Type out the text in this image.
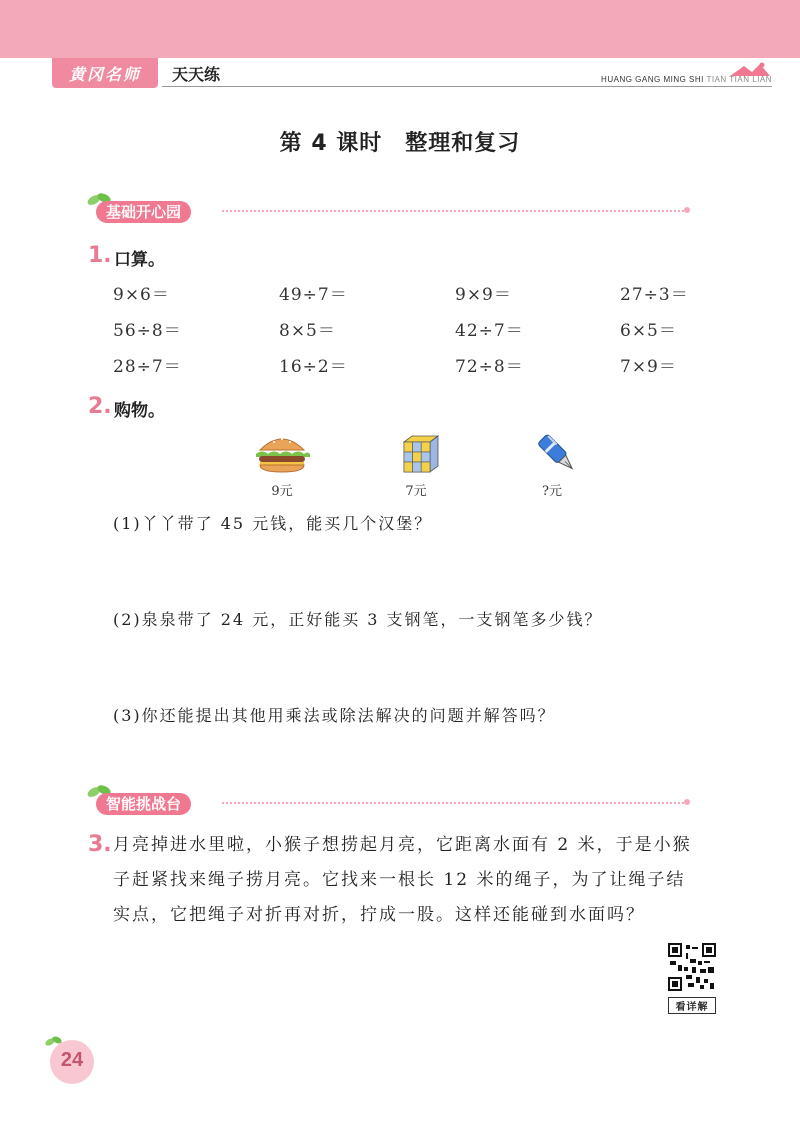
黄冈名师 天天练	HUANG GANG MING SHI TIAN TIAN LIAN
第 4 课时　整理和复习
基础开心园
1. 口算。
9×6＝	49÷7＝	9×9＝	27÷3＝
56÷8＝	8×5＝	42÷7＝	6×5＝
28÷7＝	16÷2＝	72÷8＝	7×9＝
2. 购物。
9元	7元	?元
(1)丫丫带了 45 元钱，能买几个汉堡？
(2)泉泉带了 24 元，正好能买 3 支钢笔，一支钢笔多少钱？
(3)你还能提出其他用乘法或除法解决的问题并解答吗？
智能挑战台
3. 月亮掉进水里啦，小猴子想捞起月亮，它距离水面有 2 米，于是小猴
子赶紧找来绳子捞月亮。它找来一根长 12 米的绳子，为了让绳子结
实点，它把绳子对折再对折，拧成一股。这样还能碰到水面吗？
看详解
24
